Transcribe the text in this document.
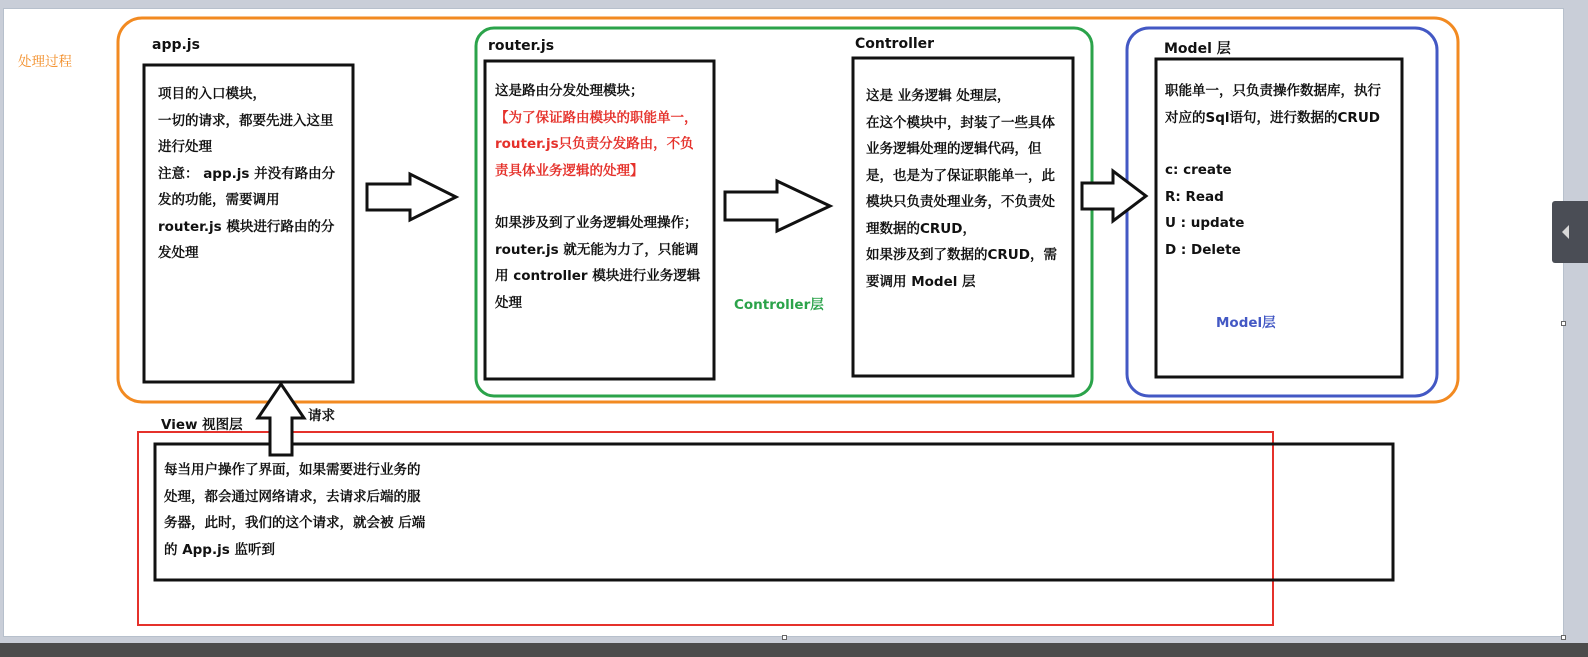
处理过程
app.js
项目的入口模块，
一切的请求，都要先进入这里
进行处理
注意： app.js 并没有路由分
发的功能，需要调用
router.js 模块进行路由的分
发处理
router.js
这是路由分发处理模块；
【为了保证路由模块的职能单一，
router.js只负责分发路由，不负
责具体业务逻辑的处理】
如果涉及到了业务逻辑处理操作；
router.js 就无能为力了，只能调
用 controller 模块进行业务逻辑
处理
Controller
Controller层
这是 业务逻辑 处理层，
在这个模块中，封装了一些具体
业务逻辑处理的逻辑代码，但
是，也是为了保证职能单一，此
模块只负责处理业务，不负责处
理数据的CRUD，
如果涉及到了数据的CRUD，需
要调用 Model 层
Model 层
职能单一，只负责操作数据库，执行
对应的Sql语句，进行数据的CRUD
c: create
R: Read
U : update
D : Delete
Model层
View 视图层
请求
每当用户操作了界面，如果需要进行业务的
处理，都会通过网络请求，去请求后端的服
务器，此时，我们的这个请求，就会被 后端
的 App.js 监听到
